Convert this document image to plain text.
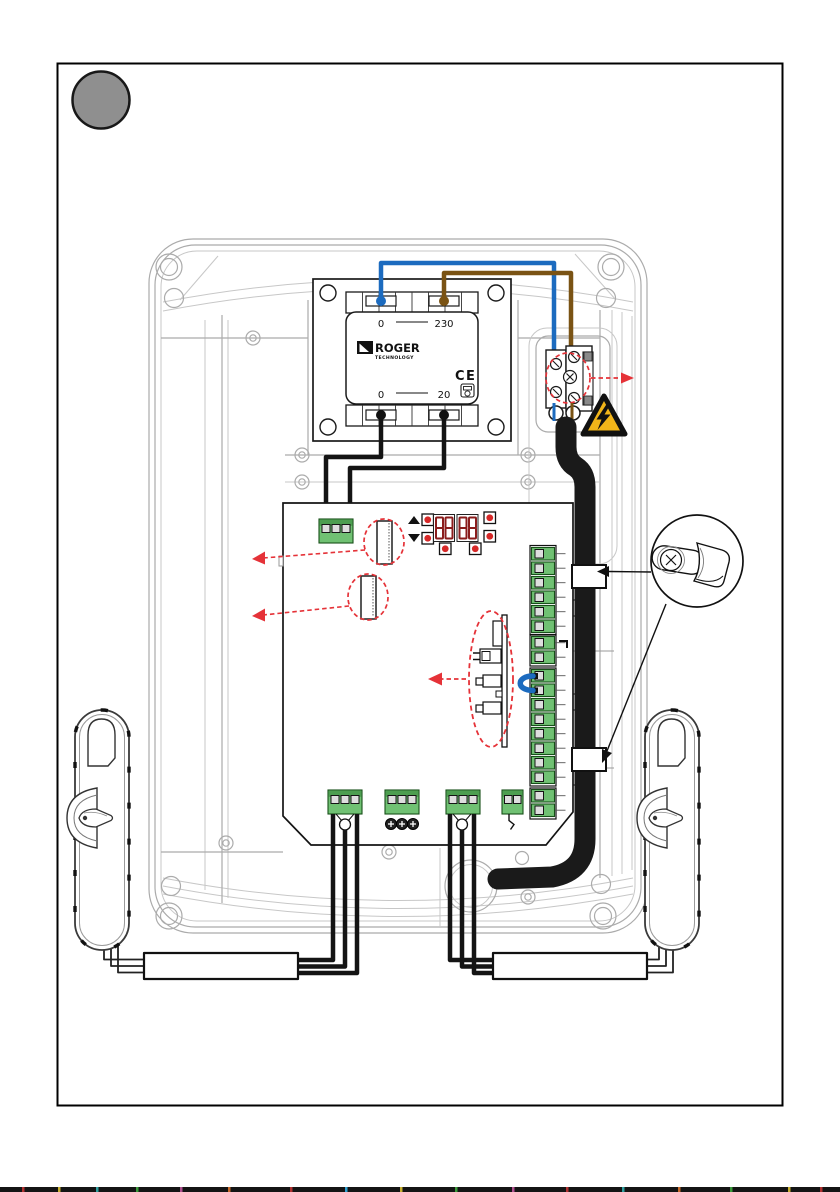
0	230
0	20
ROGER
TECHNOLOGY
CE
